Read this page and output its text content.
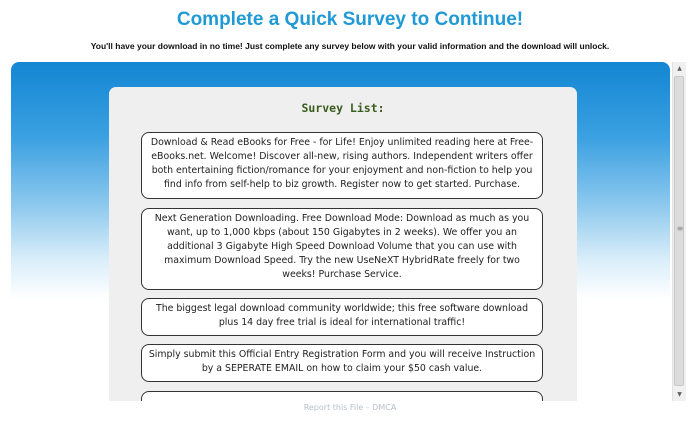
Complete a Quick Survey to Continue!
You'll have your download in no time! Just complete any survey below with your valid information and the download will unlock.
Survey List:
Download & Read eBooks for Free - for Life! Enjoy unlimited reading here at Free-eBooks.net. Welcome! Discover all-new, rising authors. Independent writers offer both entertaining fiction/romance for your enjoyment and non-fiction to help you find info from self-help to biz growth. Register now to get started. Purchase.
Next Generation Downloading. Free Download Mode: Download as much as you want, up to 1,000 kbps (about 150 Gigabytes in 2 weeks). We offer you an additional 3 Gigabyte High Speed Download Volume that you can use with maximum Download Speed. Try the new UseNeXT HybridRate freely for two weeks! Purchase Service.
The biggest legal download community worldwide; this free software download plus 14 day free trial is ideal for international traffic!
Simply submit this Official Entry Registration Form and you will receive Instruction by a SEPERATE EMAIL on how to claim your $50 cash value.
▲
≡
▼
Report this File - DMCA
